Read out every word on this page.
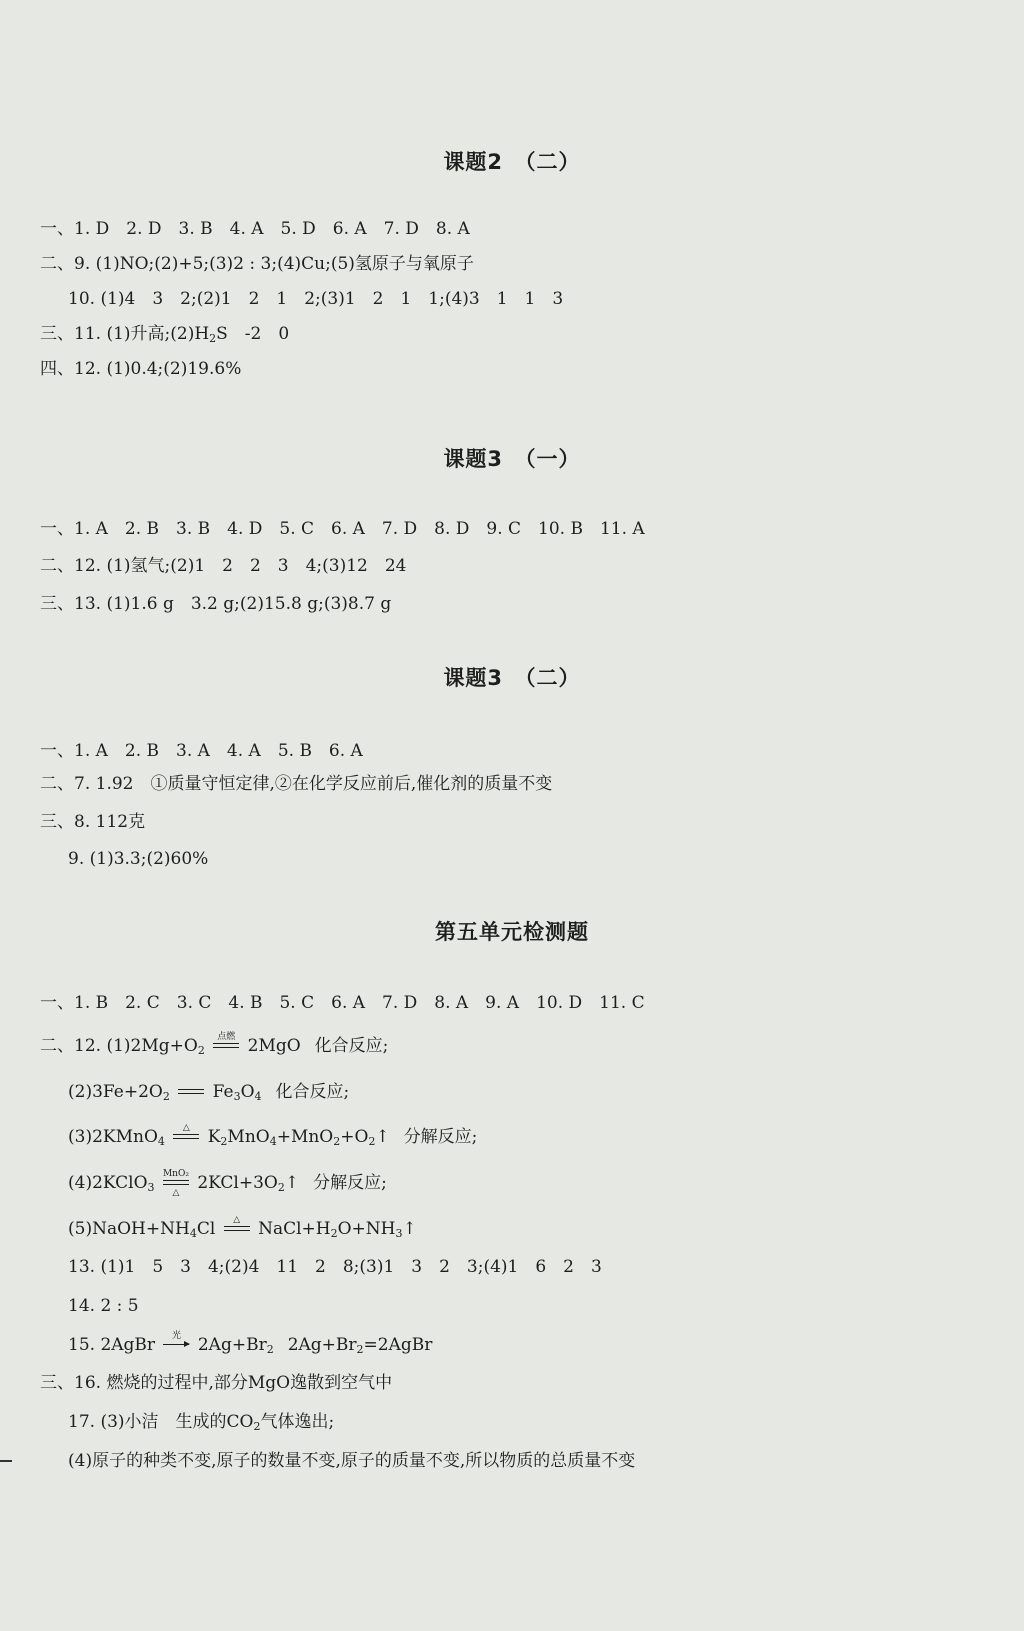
课题2　（二）
一、1. D　2. D　3. B　4. A　5. D　6. A　7. D　8. A
二、9. (1)NO;(2)+5;(3)2 : 3;(4)Cu;(5)氢原子与氧原子
10. (1)4　3　2;(2)1　2　1　2;(3)1　2　1　1;(4)3　1　1　3
三、11. (1)升高$;(2)H_2S$　-2　0
四、12. (1)0.4;(2)19.6%
课题3　（一）
一、1. A　2. B　3. B　4. D　5. C　6. A　7. D　8. D　9. C　10. B　11. A
二、12. (1)氢气;(2)1　2　2　3　4;(3)12　24
三、13. (1)1.6 g　3.2 g;(2)15.8 g;(3)8.7 g
课题3　（二）
一、1. A　2. B　3. A　4. A　5. B　6. A
二、7. 1.92　①质量守恒定律,②在化学反应前后,催化剂的质量不变
三、8. 112克
9. (1)3.3;(2)60%
第五单元检测题
一、1. B　2. C　3. C　4. B　5. C　6. A　7. D　8. A　9. A　10. D　11. C
二、12. $(1)2Mg+O_2$
点燃 2MgO 化合反应;
$(2)3Fe+2O_2$	$Fe_3O_4$ 化合反应;
(3)2KMnO$_4$
△	$K_2MnO_4+MnO_2+O_2↑$ 分解反应;
(4)2KClO$_3$
MnO₂
△	$2KCl+3O_2↑$ 分解反应;
$(5)NaOH+NH_4Cl$	△	$NaCl+H_2O+NH_3↑$
13. (1)1　5　3　4;(2)4　11　2　8;(3)1　3　2　3;(4)1　6　2　3
14. 2 : 5
15. 2AgBr	光 $2Ag+Br_2$ $2Ag+Br_2=2AgBr$
三、16. 燃烧的过程中,部分MgO逸散到空气中
17. (3)小洁　生成的$CO_2$气体逸出;
(4)原子的种类不变,原子的数量不变,原子的质量不变,所以物质的总质量不变
